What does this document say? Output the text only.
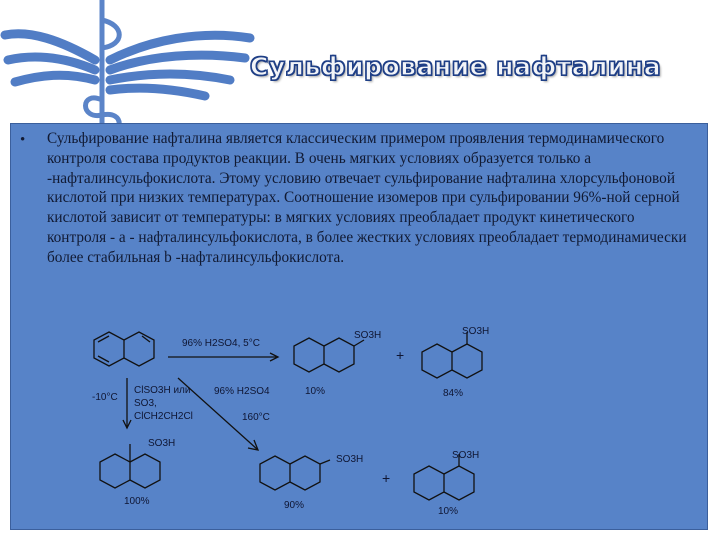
Сульфирование нафталина
• Сульфирование нафталина является классическим примером проявления термодинамического контроля состава продуктов реакции. В очень мягких условиях образуется только a -нафталинсульфокислота. Этому условию отвечает сульфирование нафталина хлорсульфоновой кислотой при низких температурах. Соотношение изомеров при сульфировании 96%-ной серной кислотой зависит от температуры: в мягких условиях преобладает продукт кинетического контроля - a - нафталинсульфокислота, в более жестких условиях преобладает термодинамически более стабильная b -нафталинсульфокислота.
96% H2SO4, 5°C
SO3H
+
SO3H
10%	84%
-10°C
ClSO3H или SO3, ClCH2CH2Cl
SO3H
100%
96% H2SO4
160°C
SO3H
+
90%
SO3H
10%
